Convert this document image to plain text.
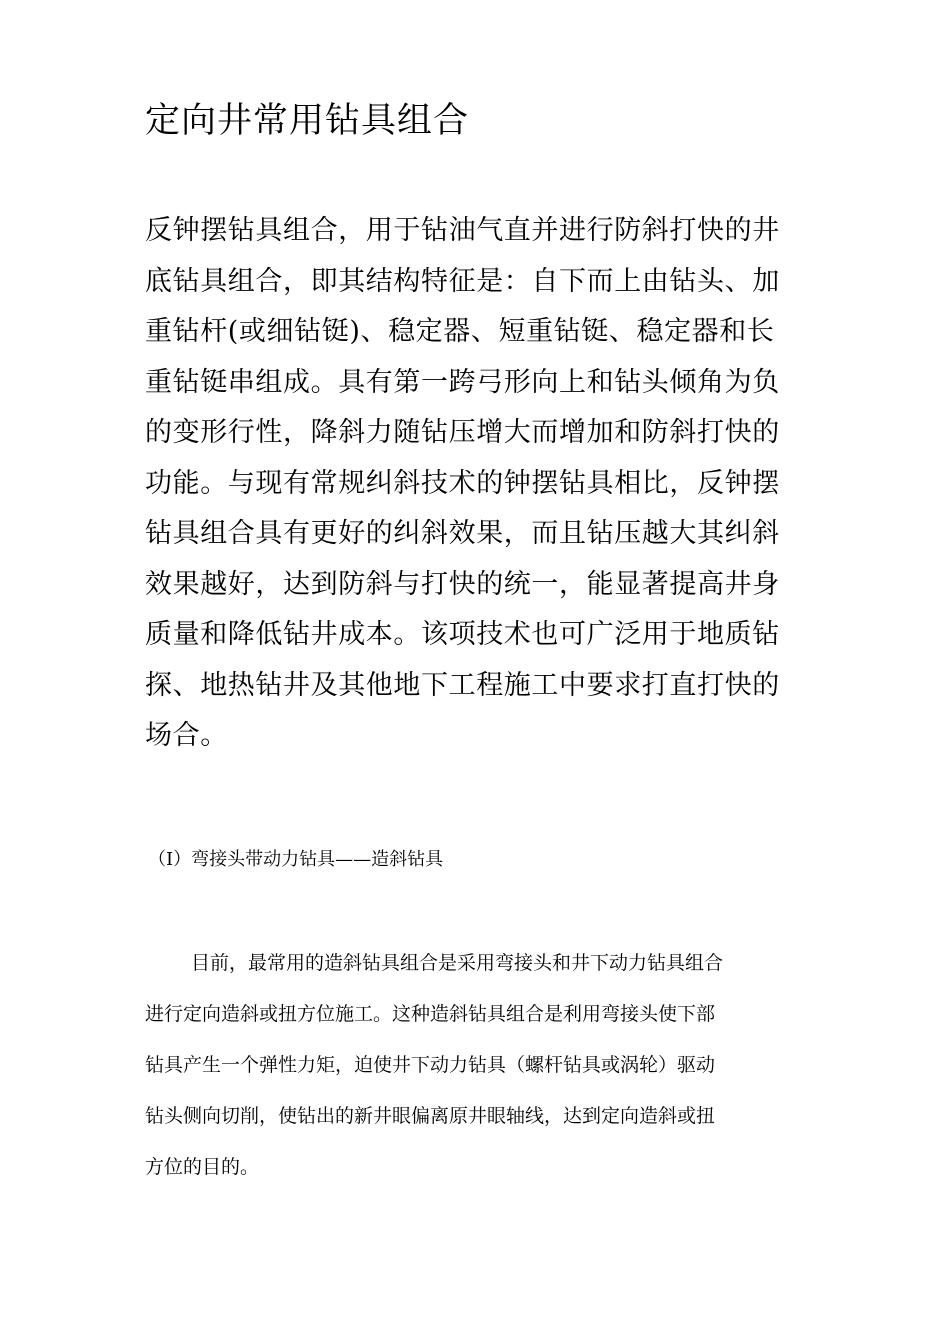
定向井常用钻具组合
反钟摆钻具组合，用于钻油气直并进行防斜打快的井
底钻具组合，即其结构特征是：自下而上由钻头、加
重钻杆(或细钻铤)、稳定器、短重钻铤、稳定器和长
重钻铤串组成。具有第一跨弓形向上和钻头倾角为负
的变形行性，降斜力随钻压增大而增加和防斜打快的
功能。与现有常规纠斜技术的钟摆钻具相比，反钟摆
钻具组合具有更好的纠斜效果，而且钻压越大其纠斜
效果越好，达到防斜与打快的统一，能显著提高井身
质量和降低钻井成本。该项技术也可广泛用于地质钻
探、地热钻井及其他地下工程施工中要求打直打快的
场合。
（Ⅰ）弯接头带动力钻具——造斜钻具
目前，最常用的造斜钻具组合是采用弯接头和井下动力钻具组合
进行定向造斜或扭方位施工。这种造斜钻具组合是利用弯接头使下部
钻具产生一个弹性力矩，迫使井下动力钻具（螺杆钻具或涡轮）驱动
钻头侧向切削，使钻出的新井眼偏离原井眼轴线，达到定向造斜或扭
方位的目的。
